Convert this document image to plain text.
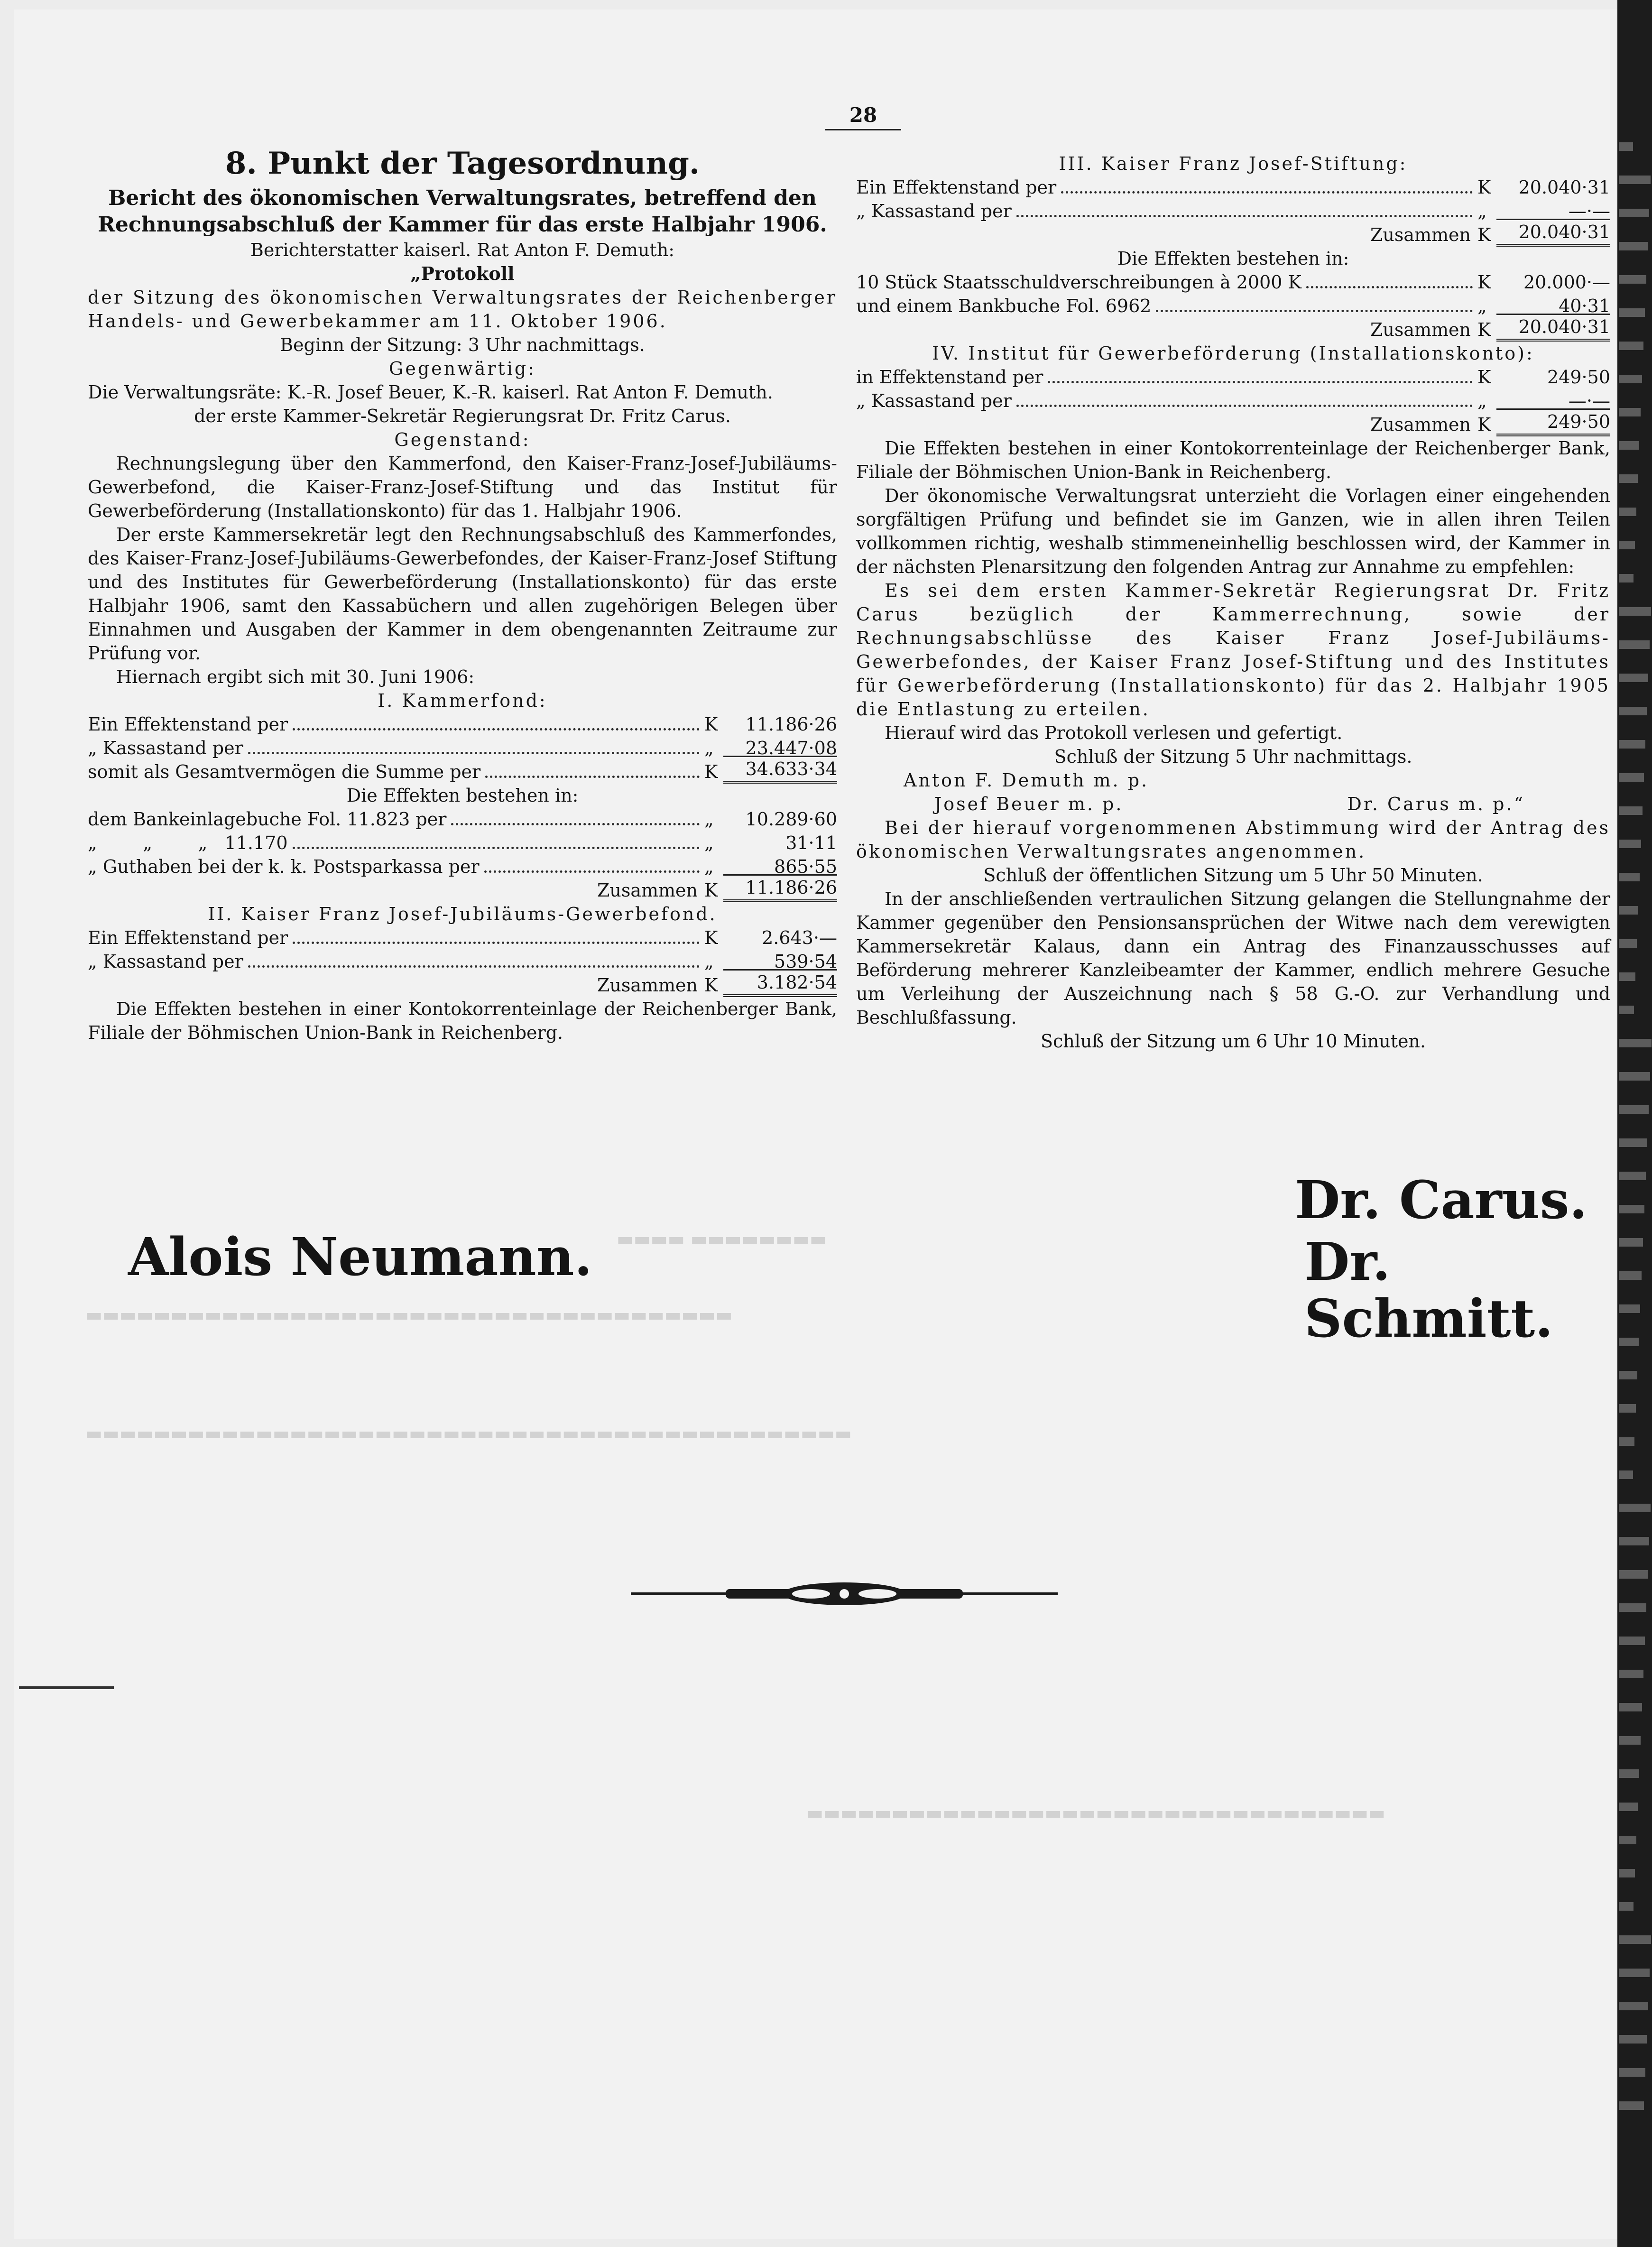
28

8. Punkt der Tagesordnung.

Bericht des ökonomischen Verwaltungsrates, betreffend den Rechnungsabschluß der Kammer für das erste Halbjahr 1906.

Berichterstatter kaiserl. Rat Anton F. Demuth:

„Protokoll

der Sitzung des ökonomischen Verwaltungsrates der Reichenberger Handels- und Gewerbekammer am 11. Oktober 1906.

Beginn der Sitzung: 3 Uhr nachmittags.

Gegenwärtig:

Die Verwaltungsräte: K.-R. Josef Beuer, K.-R. kaiserl. Rat Anton F. Demuth.

der erste Kammer-Sekretär Regierungsrat Dr. Fritz Carus.

Gegenstand:

Rechnungslegung über den Kammerfond, den Kaiser-Franz-Josef-Jubiläums-Gewerbefond, die Kaiser-Franz-Josef-Stiftung und das Institut für Gewerbeförderung (Installationskonto) für das 1. Halbjahr 1906.

Der erste Kammersekretär legt den Rechnungsabschluß des Kammerfondes, des Kaiser-Franz-Josef-Jubiläums-Gewerbefondes, der Kaiser-Franz-Josef Stiftung und des Institutes für Gewerbeförderung (Installationskonto) für das erste Halbjahr 1906, samt den Kassabüchern und allen zugehörigen Belegen über Einnahmen und Ausgaben der Kammer in dem obengenannten Zeitraume zur Prüfung vor.

Hiernach ergibt sich mit 30. Juni 1906:

I. Kammerfond:

Ein Effektenstand per	K	11.186·26
„ Kassastand per	„	23.447·08
somit als Gesamtvermögen die Summe per	K	34.633·34

Die Effekten bestehen in:

dem Bankeinlagebuche Fol. 11.823 per	„	10.289·60
„        „        „   11.170	„	31·11
„ Guthaben bei der k. k. Postsparkassa per	„	865·55
Zusammen K	11.186·26

II. Kaiser Franz Josef-Jubiläums-Gewerbefond.

Ein Effektenstand per	K	2.643·—
„ Kassastand per	„	539·54
Zusammen K	3.182·54

Die Effekten bestehen in einer Kontokorrenteinlage der Reichenberger Bank, Filiale der Böhmischen Union-Bank in Reichenberg.

III. Kaiser Franz Josef-Stiftung:

Ein Effektenstand per	K	20.040·31
„ Kassastand per	„	—·—
Zusammen K	20.040·31

Die Effekten bestehen in:

10 Stück Staatsschuldverschreibungen à 2000 K	K	20.000·—
und einem Bankbuche Fol. 6962	„	40·31
Zusammen K	20.040·31

IV. Institut für Gewerbeförderung (Installationskonto):

in Effektenstand per	K	249·50
„ Kassastand per	„	—·—
Zusammen K	249·50

Die Effekten bestehen in einer Kontokorrenteinlage der Reichenberger Bank, Filiale der Böhmischen Union-Bank in Reichenberg.

Der ökonomische Verwaltungsrat unterzieht die Vorlagen einer eingehenden sorgfältigen Prüfung und befindet sie im Ganzen, wie in allen ihren Teilen vollkommen richtig, weshalb stimmeneinhellig beschlossen wird, der Kammer in der nächsten Plenarsitzung den folgenden Antrag zur Annahme zu empfehlen:

Es sei dem ersten Kammer-Sekretär Regierungsrat Dr. Fritz Carus bezüglich der Kammerrechnung, sowie der Rechnungsabschlüsse des Kaiser Franz Josef-Jubiläums-Gewerbefondes, der Kaiser Franz Josef-Stiftung und des Institutes für Gewerbeförderung (Installationskonto) für das 2. Halbjahr 1905 die Entlastung zu erteilen.

Hierauf wird das Protokoll verlesen und gefertigt.

Schluß der Sitzung 5 Uhr nachmittags.

Anton F. Demuth m. p.

Josef Beuer m. p.	Dr. Carus m. p.“

Bei der hierauf vorgenommenen Abstimmung wird der Antrag des ökonomischen Verwaltungsrates angenommen.

Schluß der öffentlichen Sitzung um 5 Uhr 50 Minuten.

In der anschließenden vertraulichen Sitzung gelangen die Stellungnahme der Kammer gegenüber den Pensionsansprüchen der Witwe nach dem verewigten Kammersekretär Kalaus, dann ein Antrag des Finanzausschusses auf Beförderung mehrerer Kanzleibeamter der Kammer, endlich mehrere Gesuche um Verleihung der Auszeichnung nach § 58 G.-O. zur Verhandlung und Beschlußfassung.

Schluß der Sitzung um 6 Uhr 10 Minuten.

▬▬▬▬ ▬▬▬▬▬▬▬▬
▬▬▬▬▬▬▬▬▬▬▬▬▬▬▬▬▬▬▬▬▬▬▬▬▬▬▬▬▬▬▬▬▬▬▬▬▬▬
▬▬▬▬▬▬▬▬▬▬▬▬▬▬▬▬▬▬▬▬▬▬▬▬▬▬▬▬▬▬▬▬▬▬▬▬▬▬▬▬▬▬▬▬▬
▬▬▬▬▬▬▬▬▬▬▬▬▬▬▬▬▬▬▬▬▬▬▬▬▬▬▬▬▬▬▬▬▬▬
Alois Neumann.
Dr. Carus.
Dr. Schmitt.
